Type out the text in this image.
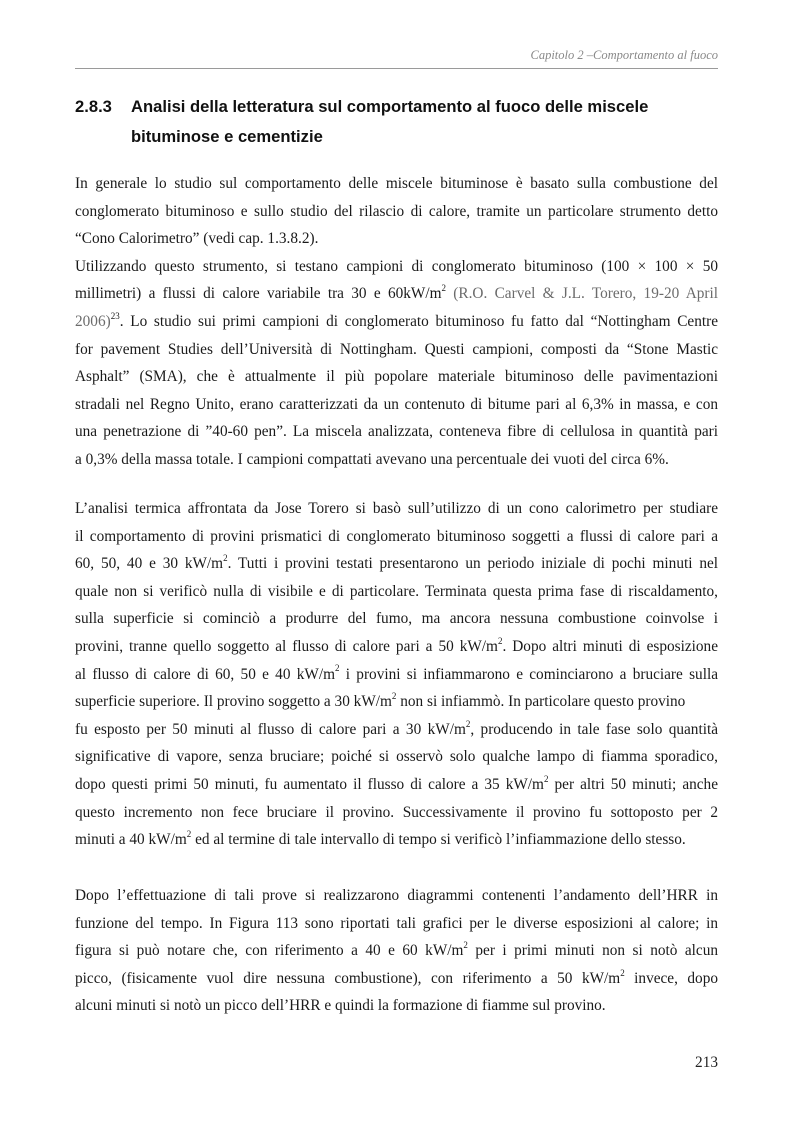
Capitolo 2 –Comportamento al fuoco
2.8.3 Analisi della letteratura sul comportamento al fuoco delle miscele
bituminose e cementizie
In generale lo studio sul comportamento delle miscele bituminose è basato sulla combustione del
conglomerato bituminoso e sullo studio del rilascio di calore, tramite un particolare strumento detto
“Cono Calorimetro” (vedi cap. 1.3.8.2).
Utilizzando questo strumento, si testano campioni di conglomerato bituminoso (100 × 100 × 50
millimetri) a flussi di calore variabile tra 30 e $60kW/m^2$ (R.O. Carvel & J.L. Torero, 19-20 April
2006)$^{23}$. Lo studio sui primi campioni di conglomerato bituminoso fu fatto dal “Nottingham Centre
for pavement Studies dell’Università di Nottingham. Questi campioni, composti da “Stone Mastic
Asphalt” (SMA), che è attualmente il più popolare materiale bituminoso delle pavimentazioni
stradali nel Regno Unito, erano caratterizzati da un contenuto di bitume pari al 6,3% in massa, e con
una penetrazione di ”40-60 pen”. La miscela analizzata, conteneva fibre di cellulosa in quantità pari
a 0,3% della massa totale. I campioni compattati avevano una percentuale dei vuoti del circa 6%.
L’analisi termica affrontata da Jose Torero si basò sull’utilizzo di un cono calorimetro per studiare
il comportamento di provini prismatici di conglomerato bituminoso soggetti a flussi di calore pari a
60, 50, 40 e 30 $kW/m^2$. Tutti i provini testati presentarono un periodo iniziale di pochi minuti nel
quale non si verificò nulla di visibile e di particolare. Terminata questa prima fase di riscaldamento,
sulla superficie si cominciò a produrre del fumo, ma ancora nessuna combustione coinvolse i
provini, tranne quello soggetto al flusso di calore pari a 50 $kW/m^2$. Dopo altri minuti di esposizione
al flusso di calore di 60, 50 e 40 $kW/m^2$ i provini si infiammarono e cominciarono a bruciare sulla
superficie superiore. Il provino soggetto a 30 $kW/m^2$ non si infiammò. In particolare questo provino
fu esposto per 50 minuti al flusso di calore pari a 30 $kW/m^2$, producendo in tale fase solo quantità
significative di vapore, senza bruciare; poiché si osservò solo qualche lampo di fiamma sporadico,
dopo questi primi 50 minuti, fu aumentato il flusso di calore a 35 $kW/m^2$ per altri 50 minuti; anche
questo incremento non fece bruciare il provino. Successivamente il provino fu sottoposto per 2
minuti a 40 $kW/m^2$ ed al termine di tale intervallo di tempo si verificò l’infiammazione dello stesso.
Dopo l’effettuazione di tali prove si realizzarono diagrammi contenenti l’andamento dell’HRR in
funzione del tempo. In Figura 113 sono riportati tali grafici per le diverse esposizioni al calore; in
figura si può notare che, con riferimento a 40 e 60 $kW/m^2$ per i primi minuti non si notò alcun
picco, (fisicamente vuol dire nessuna combustione), con riferimento a 50 $kW/m^2$ invece, dopo
alcuni minuti si notò un picco dell’HRR e quindi la formazione di fiamme sul provino.
213
